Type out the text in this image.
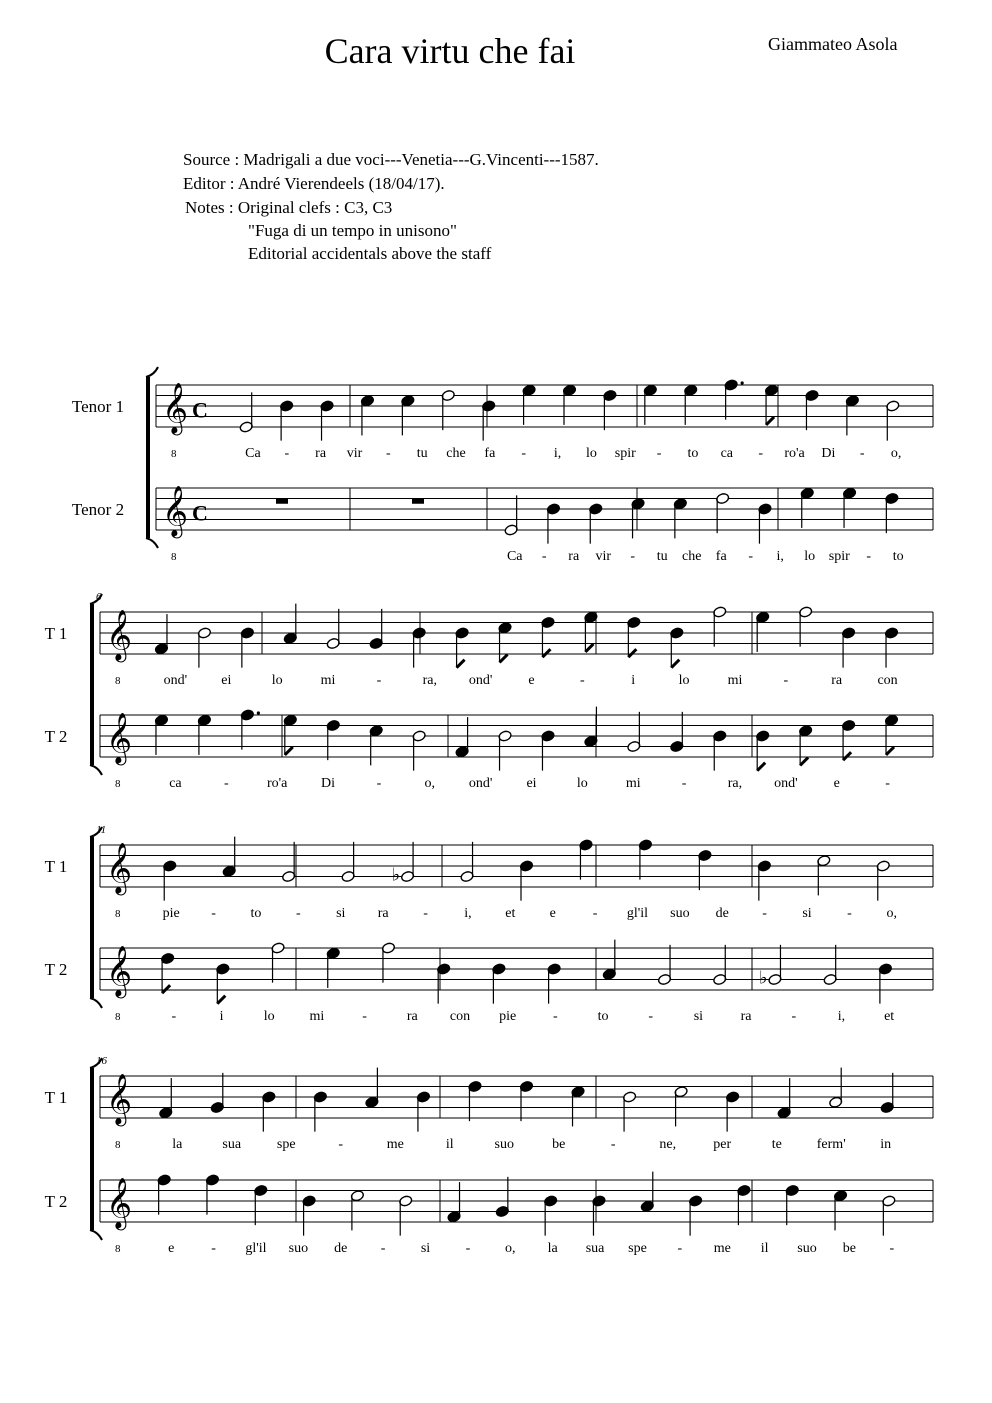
Cara virtu che fai	Giammateo Asola
Source : Madrigali a due voci---Venetia---G.Vincenti---1587.
Editor : André Vierendeels (18/04/17).
Notes : Original clefs : C3, C3
"Fuga di un tempo in unisono"
Editorial accidentals above the staff
Tenor 1 𝄞
8
C
Ca - ra vir - tu che fa - i, lo spir - to ca - ro'a Di - o,
Tenor 2 𝄞
8
C
Ca - ra vir - tu che fa - i, lo spir - to
6
T 1 𝄞
8	ond' ei	lo	mi	-	ra, ond'	e	-	i	lo	mi	-	ra	con
T 2 𝄞
8	ca	-	ro'a Di	-	o, ond' ei	lo	mi	-	ra, ond'	e	-
11
T 1 𝄞
8
♭
pie - to -	si ra -	i, et e	- gl'il suo de -	si	- o,
T 2 𝄞
8
♭
-	i	lo mi	-	ra con pie	-	to	-	si	ra	-	i,	et
16
T 1 𝄞
8	la	sua	spe	-	me	il	suo	be	-	ne,	per	te ferm' in
T 2 𝄞
8	e	- gl'il suo de -	si	- o, la sua spe - me il suo be -
